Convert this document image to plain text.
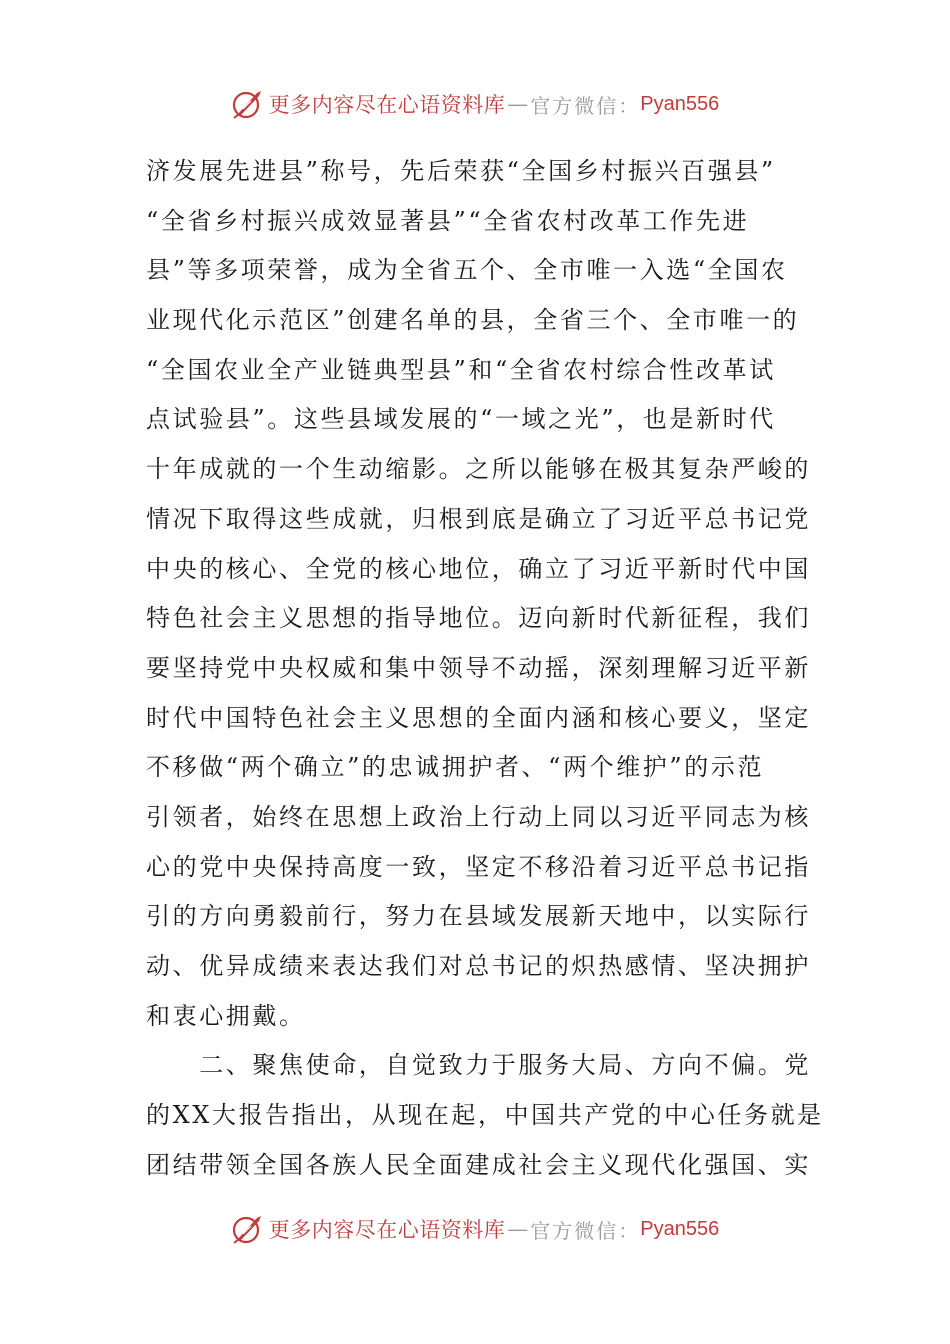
更多内容尽在心语资料库 — 官方微信： Pyan556
济发展先进县”称号，先后荣获“全国乡村振兴百强县”
“全省乡村振兴成效显著县”“全省农村改革工作先进
县”等多项荣誉，成为全省五个、全市唯一入选“全国农
业现代化示范区”创建名单的县，全省三个、全市唯一的
“全国农业全产业链典型县”和“全省农村综合性改革试
点试验县”。这些县域发展的“一域之光”，也是新时代
十年成就的一个生动缩影。之所以能够在极其复杂严峻的
情况下取得这些成就，归根到底是确立了习近平总书记党
中央的核心、全党的核心地位，确立了习近平新时代中国
特色社会主义思想的指导地位。迈向新时代新征程，我们
要坚持党中央权威和集中领导不动摇，深刻理解习近平新
时代中国特色社会主义思想的全面内涵和核心要义，坚定
不移做“两个确立”的忠诚拥护者、“两个维护”的示范
引领者，始终在思想上政治上行动上同以习近平同志为核
心的党中央保持高度一致，坚定不移沿着习近平总书记指
引的方向勇毅前行，努力在县域发展新天地中，以实际行
动、优异成绩来表达我们对总书记的炽热感情、坚决拥护
和衷心拥戴。
　　二、聚焦使命，自觉致力于服务大局、方向不偏。党
的XX大报告指出，从现在起，中国共产党的中心任务就是
团结带领全国各族人民全面建成社会主义现代化强国、实
更多内容尽在心语资料库 — 官方微信： Pyan556
